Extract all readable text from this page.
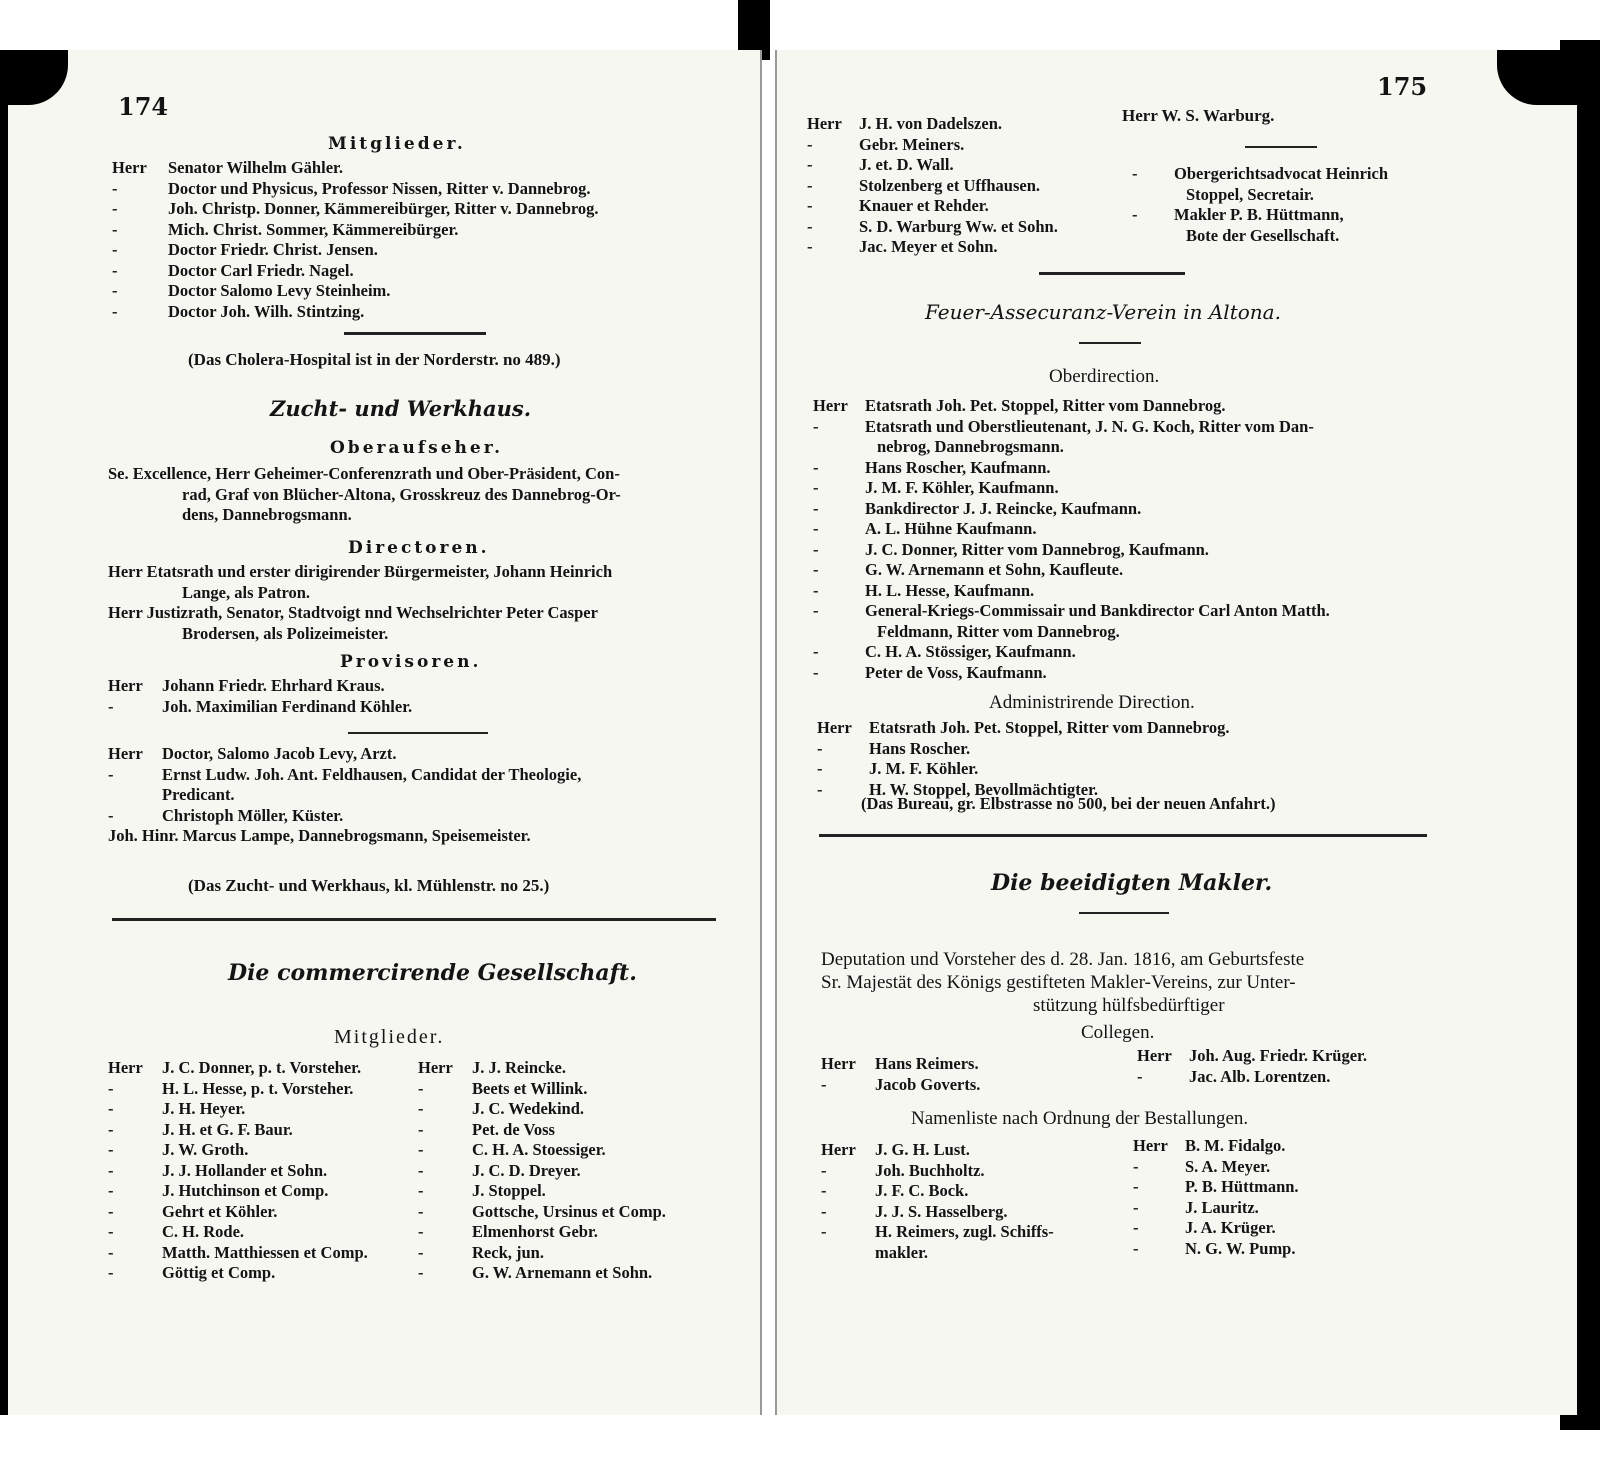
174
Mitglieder.
Herr	Senator Wilhelm Gähler.
-	Doctor und Physicus, Professor Nissen, Ritter v. Dannebrog.
-	Joh. Christp. Donner, Kämmereibürger, Ritter v. Dannebrog.
-	Mich. Christ. Sommer, Kämmereibürger.
-	Doctor Friedr. Christ. Jensen.
-	Doctor Carl Friedr. Nagel.
-	Doctor Salomo Levy Steinheim.
-	Doctor Joh. Wilh. Stintzing.
(Das Cholera-Hospital ist in der Norderstr. no 489.)
Zucht- und Werkhaus.
Oberaufseher.
Se. Excellence, Herr Geheimer-Conferenzrath und Ober-Präsident, Con-
rad, Graf von Blücher-Altona, Grosskreuz des Dannebrog-Or-
dens, Dannebrogsmann.
Directoren.
Herr Etatsrath und erster dirigirender Bürgermeister, Johann Heinrich
Lange, als Patron.
Herr Justizrath, Senator, Stadtvoigt nnd Wechselrichter Peter Casper
Brodersen, als Polizeimeister.
Provisoren.
Herr	Johann Friedr. Ehrhard Kraus.
-	Joh. Maximilian Ferdinand Köhler.
Herr	Doctor, Salomo Jacob Levy, Arzt.
-	Ernst Ludw. Joh. Ant. Feldhausen, Candidat der Theologie,
Predicant.
-	Christoph Möller, Küster.
Joh. Hinr. Marcus Lampe, Dannebrogsmann, Speisemeister.
(Das Zucht- und Werkhaus, kl. Mühlenstr. no 25.)
Die commercirende Gesellschaft.
Mitglieder.
Herr	J. C. Donner, p. t. Vorsteher.
-	H. L. Hesse, p. t. Vorsteher.
-	J. H. Heyer.
-	J. H. et G. F. Baur.
-	J. W. Groth.
-	J. J. Hollander et Sohn.
-	J. Hutchinson et Comp.
-	Gehrt et Köhler.
-	C. H. Rode.
-	Matth. Matthiessen et Comp.
-	Göttig et Comp.
Herr	J. J. Reincke.
-	Beets et Willink.
-	J. C. Wedekind.
-	Pet. de Voss
-	C. H. A. Stoessiger.
-	J. C. D. Dreyer.
-	J. Stoppel.
-	Gottsche, Ursinus et Comp.
-	Elmenhorst Gebr.
-	Reck, jun.
-	G. W. Arnemann et Sohn.
175
Herr	J. H. von Dadelszen.
-	Gebr. Meiners.
-	J. et. D. Wall.
-	Stolzenberg et Uffhausen.
-	Knauer et Rehder.
-	S. D. Warburg Ww. et Sohn.
-	Jac. Meyer et Sohn.
Herr W. S. Warburg.
-	Obergerichtsadvocat Heinrich
Stoppel, Secretair.
-	Makler P. B. Hüttmann,
Bote der Gesellschaft.
Feuer-Assecuranz-Verein in Altona.
Oberdirection.
Herr	Etatsrath Joh. Pet. Stoppel, Ritter vom Dannebrog.
-	Etatsrath und Oberstlieutenant, J. N. G. Koch, Ritter vom Dan-
nebrog, Dannebrogsmann.
-	Hans Roscher, Kaufmann.
-	J. M. F. Köhler, Kaufmann.
-	Bankdirector J. J. Reincke, Kaufmann.
-	A. L. Hühne Kaufmann.
-	J. C. Donner, Ritter vom Dannebrog, Kaufmann.
-	G. W. Arnemann et Sohn, Kaufleute.
-	H. L. Hesse, Kaufmann.
-	General-Kriegs-Commissair und Bankdirector Carl Anton Matth.
Feldmann, Ritter vom Dannebrog.
-	C. H. A. Stössiger, Kaufmann.
-	Peter de Voss, Kaufmann.
Administrirende Direction.
Herr	Etatsrath Joh. Pet. Stoppel, Ritter vom Dannebrog.
-	Hans Roscher.
-	J. M. F. Köhler.
-	H. W. Stoppel, Bevollmächtigter.
(Das Bureau, gr. Elbstrasse no 500, bei der neuen Anfahrt.)
Die beeidigten Makler.
Deputation und Vorsteher des d. 28. Jan. 1816, am Geburtsfeste
Sr. Majestät des Königs gestifteten Makler-Vereins, zur Unter-
stützung hülfsbedürftiger
Collegen.
Herr	Hans Reimers.
-	Jacob Goverts.
Herr	Joh. Aug. Friedr. Krüger.
-	Jac. Alb. Lorentzen.
Namenliste nach Ordnung der Bestallungen.
Herr	J. G. H. Lust.
-	Joh. Buchholtz.
-	J. F. C. Bock.
-	J. J. S. Hasselberg.
-	H. Reimers, zugl. Schiffs-
makler.
Herr	B. M. Fidalgo.
-	S. A. Meyer.
-	P. B. Hüttmann.
-	J. Lauritz.
-	J. A. Krüger.
-	N. G. W. Pump.
